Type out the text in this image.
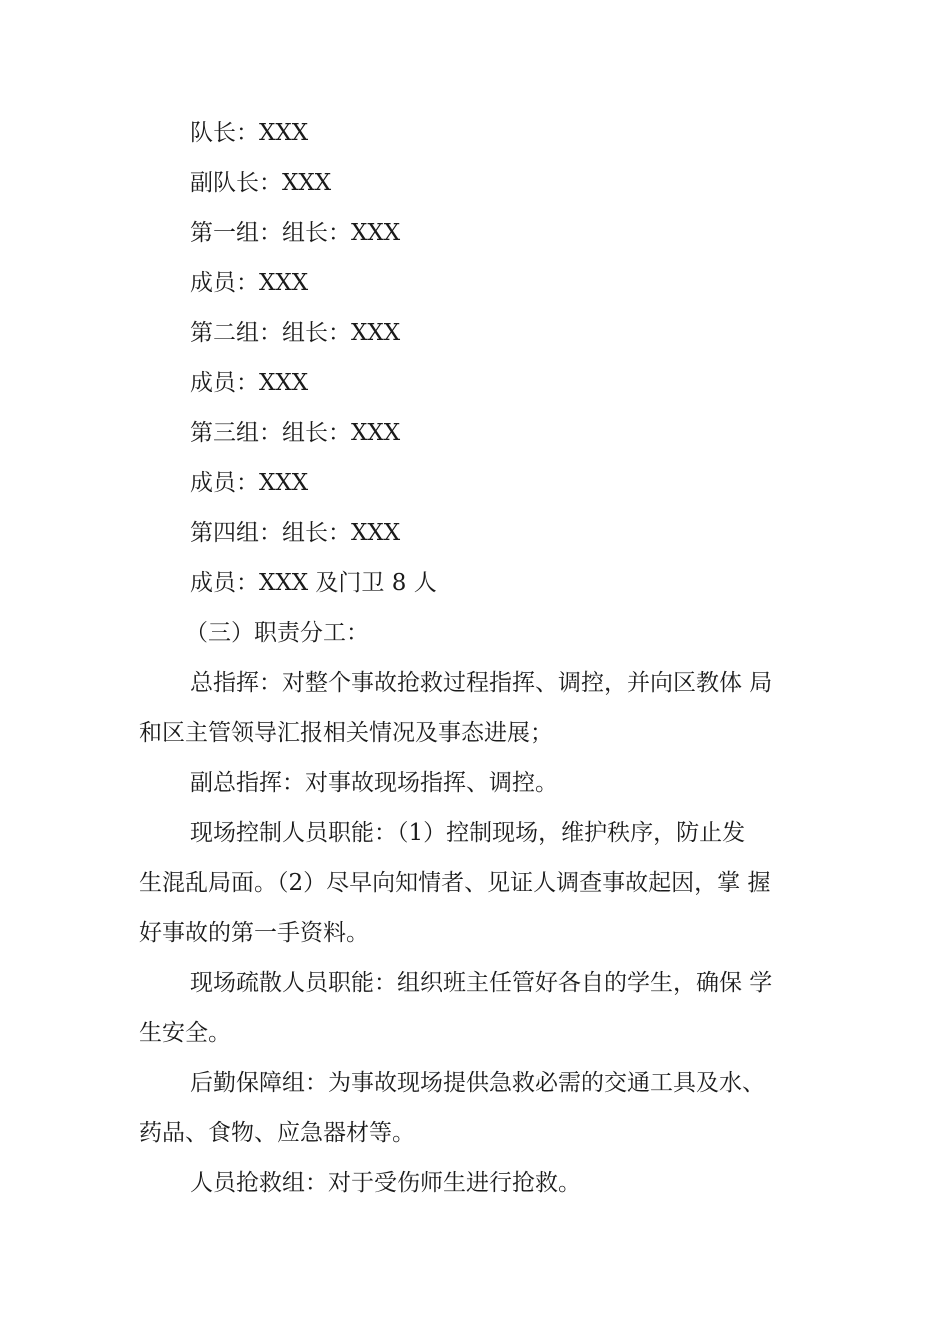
队长：XXX

副队长：XXX

第一组：组长：XXX

成员：XXX

第二组：组长：XXX

成员：XXX

第三组：组长：XXX

成员：XXX

第四组：组长：XXX

成员：XXX 及门卫 8 人

（三）职责分工：

总指挥：对整个事故抢救过程指挥、调控，并向区教体 局

和区主管领导汇报相关情况及事态进展；

副总指挥：对事故现场指挥、调控。

现场控制人员职能：（1）控制现场，维护秩序，防止发

生混乱局面。（2）尽早向知情者、见证人调查事故起因，掌 握

好事故的第一手资料。

现场疏散人员职能：组织班主任管好各自的学生，确保 学

生安全。

后勤保障组：为事故现场提供急救必需的交通工具及水、

药品、食物、应急器材等。

人员抢救组：对于受伤师生进行抢救。
